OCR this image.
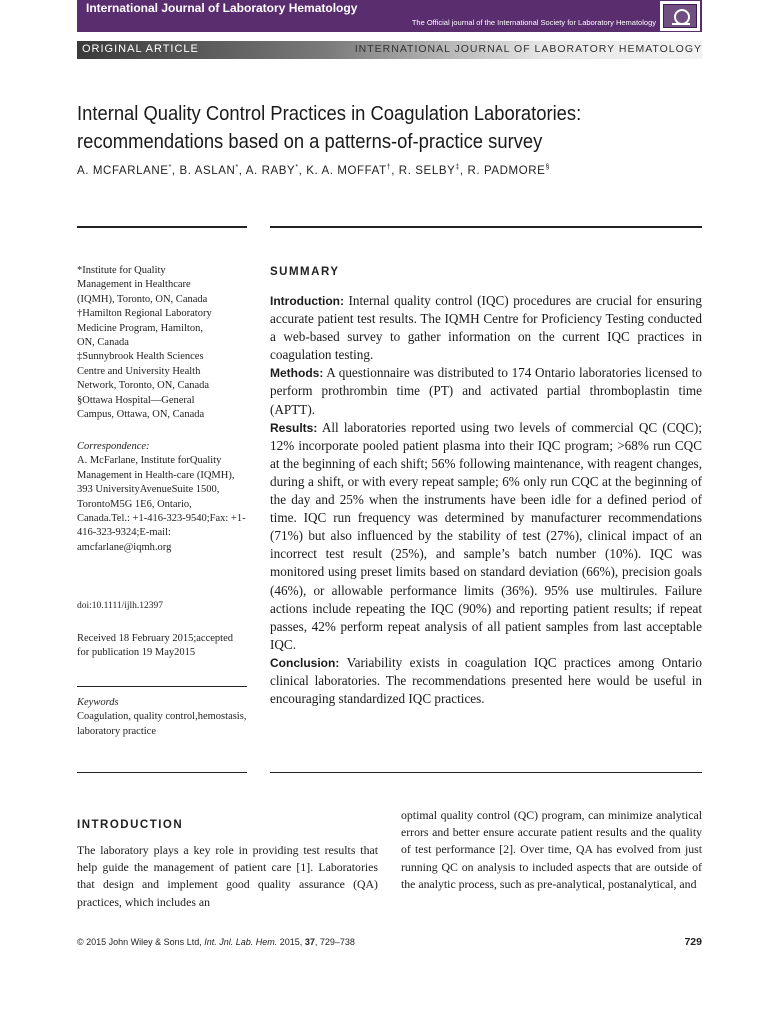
International Journal of Laboratory Hematology
The Official journal of the International Society for Laboratory Hematology
ORIGINAL ARTICLE	INTERNATIONAL JOURNAL OF LABORATORY HEMATOLOGY
Internal Quality Control Practices in Coagulation Laboratories:
recommendations based on a patterns-of-practice survey
A. MCFARLANE*, B. ASLAN*, A. RABY*, K. A. MOFFAT†, R. SELBY‡, R. PADMORE§
*Institute for Quality
Management in Healthcare
(IQMH), Toronto, ON, Canada
†Hamilton Regional Laboratory
Medicine Program, Hamilton,
ON, Canada
‡Sunnybrook Health Sciences
Centre and University Health
Network, Toronto, ON, Canada
§Ottawa Hospital—General
Campus, Ottawa, ON, Canada
Correspondence:
A. McFarlane, Institute forQuality Management in Health-care (IQMH), 393 UniversityAvenueSuite 1500, TorontoM5G 1E6, Ontario, Canada.Tel.: +1-416-323-9540;Fax: +1-416-323-9324;E-mail: amcfarlane@iqmh.org
doi:10.1111/ijlh.12397
Received 18 February 2015;accepted for publication 19 May2015
Keywords
Coagulation, quality control,hemostasis, laboratory practice
SUMMARY

Introduction: Internal quality control (IQC) procedures are crucial for ensuring accurate patient test results. The IQMH Centre for Proficiency Testing conducted a web-based survey to gather information on the current IQC practices in coagulation testing.

Methods: A questionnaire was distributed to 174 Ontario laboratories licensed to perform prothrombin time (PT) and activated partial thromboplastin time (APTT).

Results: All laboratories reported using two levels of commercial QC (CQC); 12% incorporate pooled patient plasma into their IQC program; >68% run CQC at the beginning of each shift; 56% following maintenance, with reagent changes, during a shift, or with every repeat sample; 6% only run CQC at the beginning of the day and 25% when the instruments have been idle for a defined period of time. IQC run frequency was determined by manufacturer recommendations (71%) but also influenced by the stability of test (27%), clinical impact of an incorrect test result (25%), and sample’s batch number (10%). IQC was monitored using preset limits based on standard deviation (66%), precision goals (46%), or allowable performance limits (36%). 95% use multirules. Failure actions include repeating the IQC (90%) and reporting patient results; if repeat passes, 42% perform repeat analysis of all patient samples from last acceptable IQC.

Conclusion: Variability exists in coagulation IQC practices among Ontario clinical laboratories. The recommendations presented here would be useful in encouraging standardized IQC practices.

INTRODUCTION
The laboratory plays a key role in providing test results that help guide the management of patient care [1]. Laboratories that design and implement good quality assurance (QA) practices, which includes an
optimal quality control (QC) program, can minimize analytical errors and better ensure accurate patient results and the quality of test performance [2]. Over time, QA has evolved from just running QC on analysis to included aspects that are outside of the analytic process, such as pre-analytical, postanalytical, and
© 2015 John Wiley & Sons Ltd, Int. Jnl. Lab. Hem. 2015, 37, 729–738	729
